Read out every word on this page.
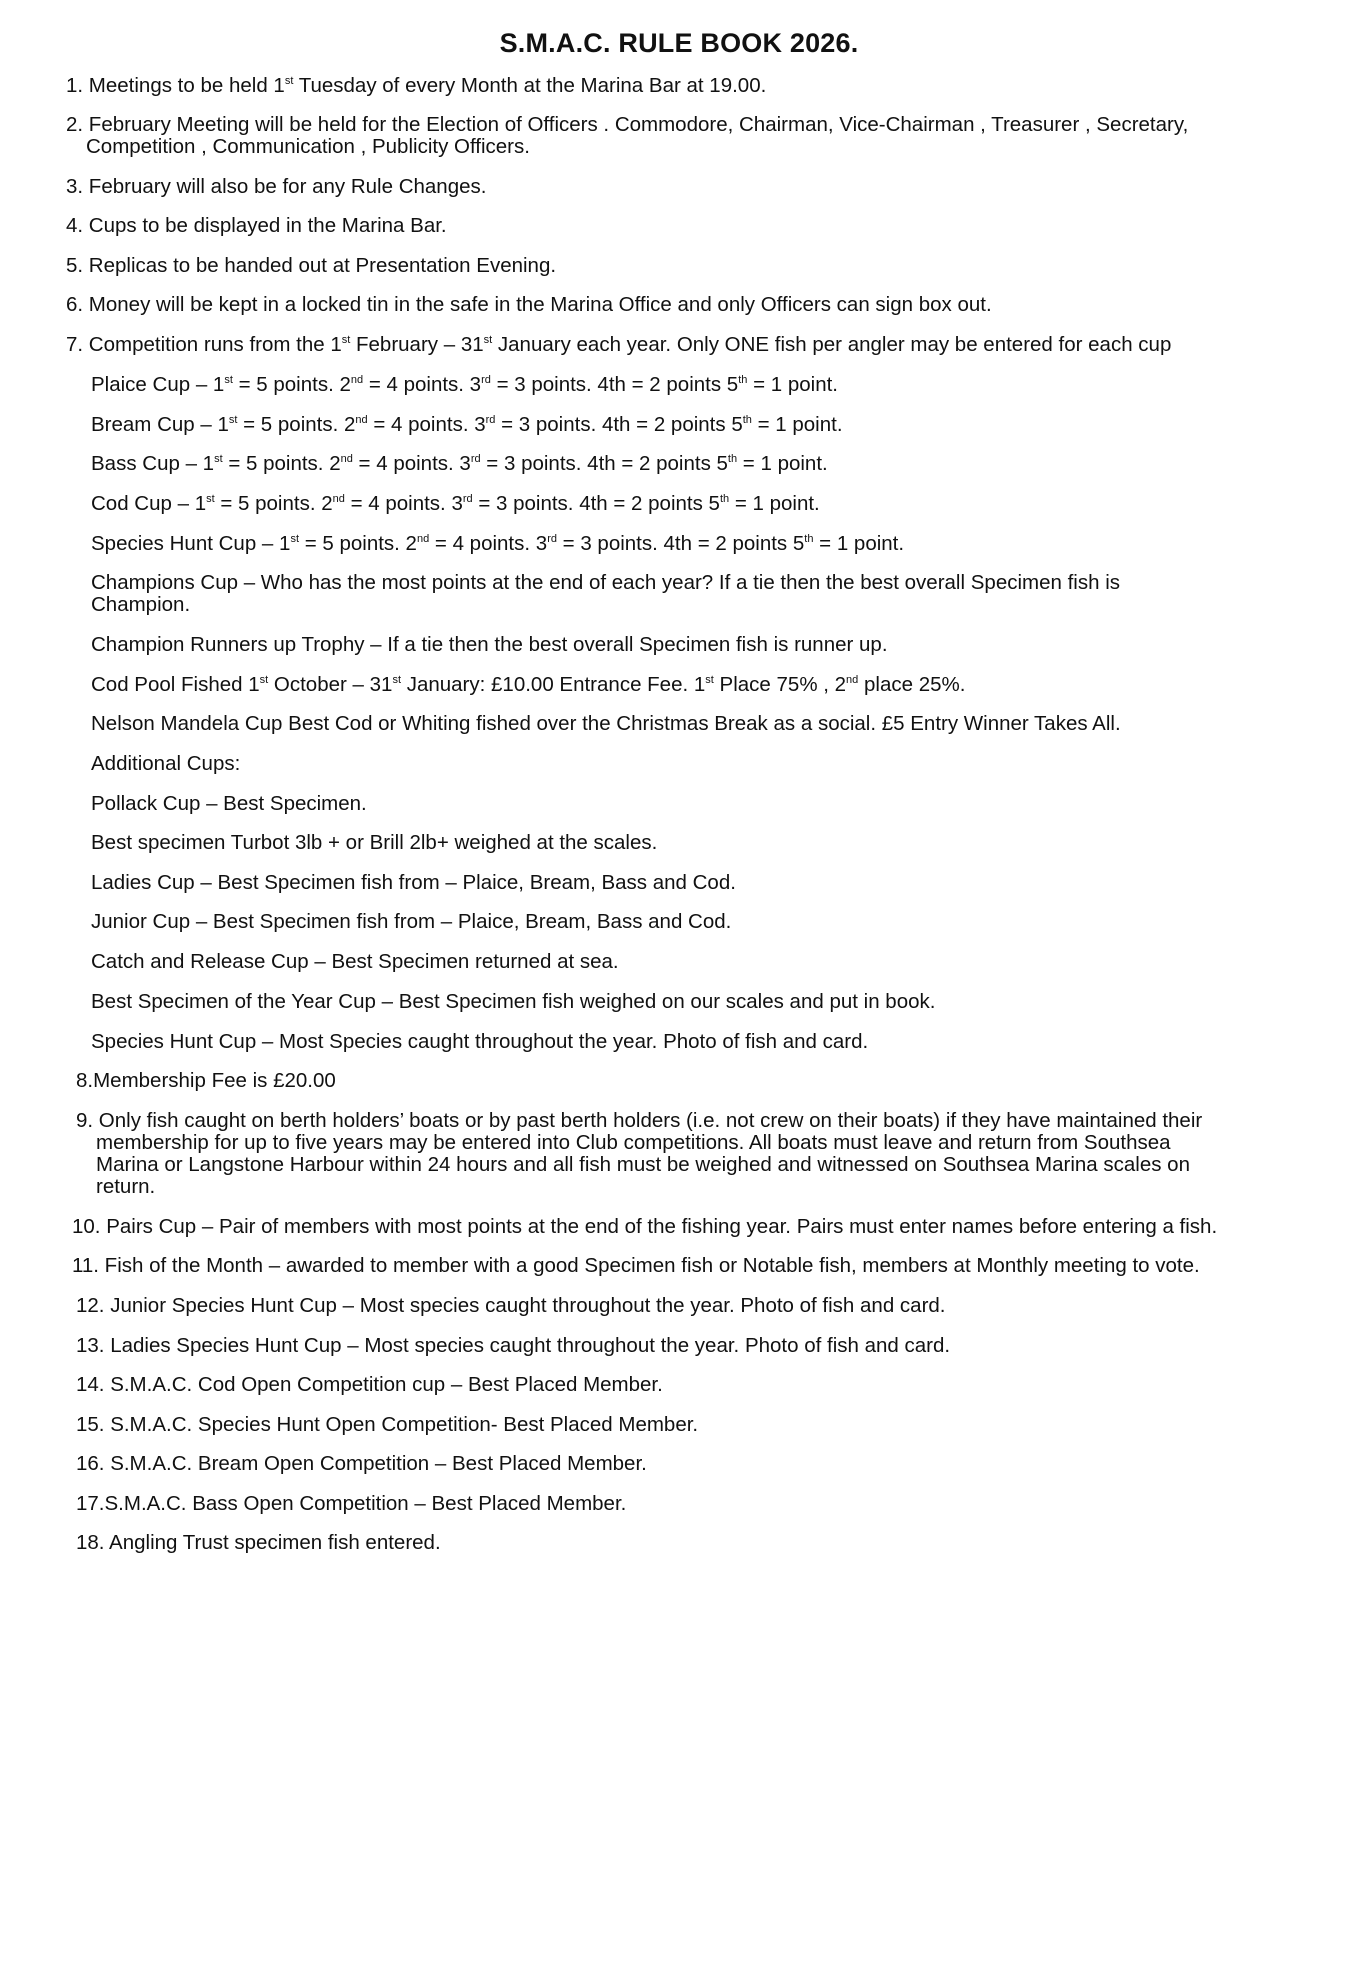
S.M.A.C. RULE BOOK 2026.
1. Meetings to be held 1st Tuesday of every Month at the Marina Bar at 19.00.
2. February Meeting will be held for the Election of Officers . Commodore, Chairman, Vice-Chairman , Treasurer , Secretary,
Competition , Communication , Publicity Officers.
3. February will also be for any Rule Changes.
4. Cups to be displayed in the Marina Bar.
5. Replicas to be handed out at Presentation Evening.
6. Money will be kept in a locked tin in the safe in the Marina Office and only Officers can sign box out.
7. Competition runs from the 1st February – 31st January each year. Only ONE fish per angler may be entered for each cup
Plaice Cup – 1st = 5 points. 2nd = 4 points. 3rd = 3 points. 4th = 2 points 5th = 1 point.
Bream Cup – 1st = 5 points. 2nd = 4 points. 3rd = 3 points. 4th = 2 points 5th = 1 point.
Bass Cup – 1st = 5 points. 2nd = 4 points. 3rd = 3 points. 4th = 2 points 5th = 1 point.
Cod Cup – 1st = 5 points. 2nd = 4 points. 3rd = 3 points. 4th = 2 points 5th = 1 point.
Species Hunt Cup – 1st = 5 points. 2nd = 4 points. 3rd = 3 points. 4th = 2 points 5th = 1 point.
Champions Cup – Who has the most points at the end of each year? If a tie then the best overall Specimen fish is
Champion.
Champion Runners up Trophy – If a tie then the best overall Specimen fish is runner up.
Cod Pool Fished 1st October – 31st January: £10.00 Entrance Fee. 1st Place 75% , 2nd place 25%.
Nelson Mandela Cup Best Cod or Whiting fished over the Christmas Break as a social. £5 Entry Winner Takes All.
Additional Cups:
Pollack Cup – Best Specimen.
Best specimen Turbot 3lb + or Brill 2lb+ weighed at the scales.
Ladies Cup – Best Specimen fish from – Plaice, Bream, Bass and Cod.
Junior Cup – Best Specimen fish from – Plaice, Bream, Bass and Cod.
Catch and Release Cup – Best Specimen returned at sea.
Best Specimen of the Year Cup – Best Specimen fish weighed on our scales and put in book.
Species Hunt Cup – Most Species caught throughout the year. Photo of fish and card.
8.Membership Fee is £20.00
9. Only fish caught on berth holders’ boats or by past berth holders (i.e. not crew on their boats) if they have maintained their
membership for up to five years may be entered into Club competitions. All boats must leave and return from Southsea
Marina or Langstone Harbour within 24 hours and all fish must be weighed and witnessed on Southsea Marina scales on
return.
10. Pairs Cup – Pair of members with most points at the end of the fishing year. Pairs must enter names before entering a fish.
11. Fish of the Month – awarded to member with a good Specimen fish or Notable fish, members at Monthly meeting to vote.
12. Junior Species Hunt Cup – Most species caught throughout the year. Photo of fish and card.
13. Ladies Species Hunt Cup – Most species caught throughout the year. Photo of fish and card.
14. S.M.A.C. Cod Open Competition cup – Best Placed Member.
15. S.M.A.C. Species Hunt Open Competition- Best Placed Member.
16. S.M.A.C. Bream Open Competition – Best Placed Member.
17.S.M.A.C. Bass Open Competition – Best Placed Member.
18. Angling Trust specimen fish entered.
